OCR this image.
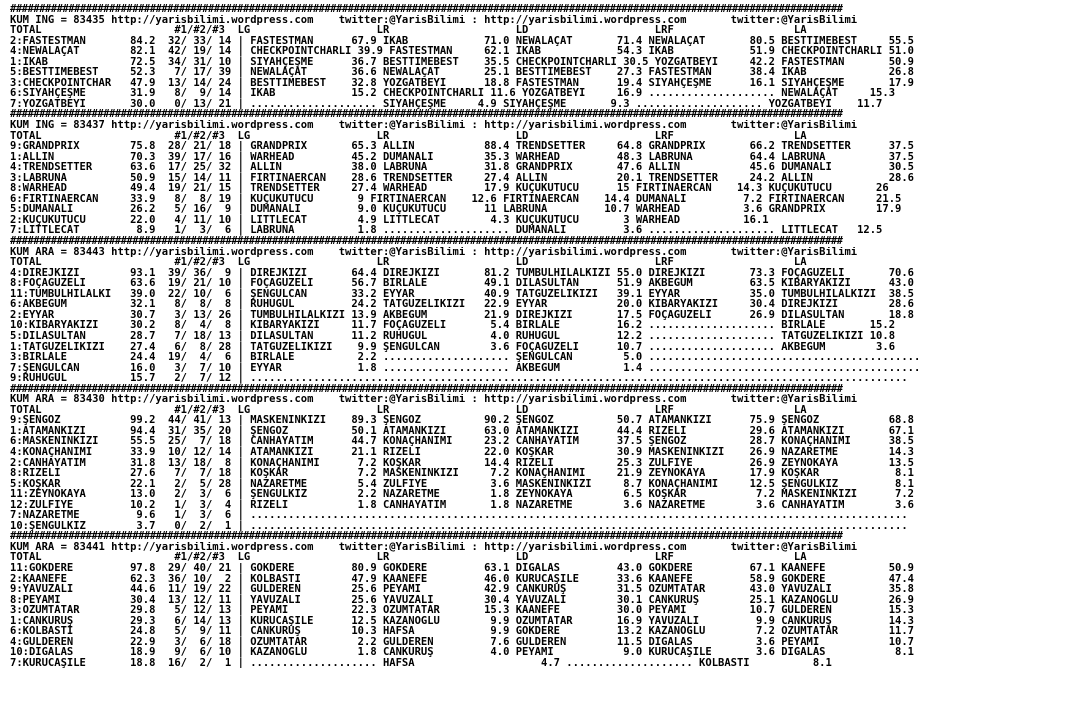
###############################################################################################################################################
KUM ING = 83435 http://yarisbilimi.wordpress.com    twitter:@YarisBilimi : http://yarisbilimi.wordpress.com       twitter:@YarisBilimi
TOTAL                     #1/#2/#3  LG                    LR                    LD                    LRF                   LA
2:FASTESTMAN       84.2  32/ 33/ 14 | FASTESTMAN      67.9 İKAB            71.0 NEWALAÇAT       71.4 NEWALAÇAT       80.5 BESTTIMEBEST     55.5
4:NEWALAÇAT        82.1  42/ 19/ 14 | CHECKPOINTCHARLI 39.9 FASTESTMAN     62.1 İKAB            54.3 İKAB            51.9 CHECKPOINTCHARLI 51.0
1:İKAB             72.5  34/ 31/ 10 | SİYAHÇEŞME      36.7 BESTTIMEBEST    35.5 CHECKPOINTCHARLI 30.5 YOZGATBEYİ     42.2 FASTESTMAN       50.9
5:BESTTIMEBEST     52.3   7/ 17/ 39 | NEWALAÇAT       36.6 NEWALAÇAT       25.1 BESTTIMEBEST    27.3 FASTESTMAN      38.4 İKAB             26.8
3:CHECKPOINTCHAR   47.9  13/ 14/ 24 | BESTTIMEBEST    32.8 YOZGATBEYİ      18.8 FASTESTMAN      19.4 SİYAHÇEŞME      16.1 SİYAHÇEŞME       17.9
6:SİYAHÇEŞME       31.9   8/  9/ 14 | İKAB            15.2 CHECKPOINTCHARLI 11.6 YOZGATBEYİ     16.9 .................... NEWALAÇAT     15.3
7:YOZGATBEYİ       30.0   0/ 13/ 21 | .................... SİYAHÇEŞME     4.9 SİYAHÇEŞME       9.3 .................... YOZGATBEYİ    11.7
###############################################################################################################################################
KUM ING = 83437 http://yarisbilimi.wordpress.com    twitter:@YarisBilimi : http://yarisbilimi.wordpress.com       twitter:@YarisBilimi
TOTAL                     #1/#2/#3  LG                    LR                    LD                    LRF                   LA
9:GRANDPRIX        75.8  28/ 21/ 18 | GRANDPRIX       65.3 ALLIN           88.4 TRENDSETTER     64.8 GRANDPRIX       66.2 TRENDSETTER      37.5
1:ALLIN            70.3  39/ 17/ 16 | WARHEAD         45.2 DUMANALİ        35.3 WARHEAD         48.3 LABRUNA         64.4 LABRUNA          37.5
4:TRENDSETTER      63.6  17/ 25/ 32 | ALLIN           38.0 LABRUNA         31.8 GRANDPRIX       47.6 ALLIN           45.6 DUMANALİ         30.5
3:LABRUNA          50.9  15/ 14/ 11 | FIRTINAERCAN    28.6 TRENDSETTER     27.4 ALLIN           20.1 TRENDSETTER     24.2 ALLIN            28.6
8:WARHEAD          49.4  19/ 21/ 15 | TRENDSETTER     27.4 WARHEAD         17.9 KÜÇÜKÜTÜCÜ      15 FIRTINAERCAN    14.3 KÜÇÜKÜTÜCÜ       26
6:FIRTINAERCAN     33.9   8/  8/ 19 | KÜÇÜKÜTÜCÜ       9 FIRTINAERCAN    12.6 FIRTINAERCAN    14.4 DUMANALİ         7.2 FIRTINAERCAN     21.5
5:DUMANALİ         26.2   5/ 16/  9 | DUMANALİ         9.0 KÜÇÜKÜTÜCÜ      11 LABRUNA         10.7 WARHEAD          3.6 GRANDPRIX        17.9
2:KÜÇÜKÜTÜCÜ       22.0   4/ 11/ 10 | LITTLECAT        4.9 LITTLECAT        4.3 KÜÇÜKÜTÜCÜ       3 WARHEAD          16.1
7:LITTLECAT         8.9   1/  3/  6 | LABRUNA          1.8 .................... DUMANALİ         3.6 .................... LITTLECAT   12.5
###############################################################################################################################################
KUM ARA = 83443 http://yarisbilimi.wordpress.com    twitter:@YarisBilimi : http://yarisbilimi.wordpress.com       twitter:@YarisBilimi
TOTAL                     #1/#2/#3  LG                    LR                    LD                    LRF                   LA
4:DIREJKIZI        93.1  39/ 36/  9 | DIREJKIZI       64.4 DIREJKIZI       81.2 TUMBULHILALKIZI 55.0 DIREJKIZI       73.3 FOÇAGÜZELİ       70.6
8:FOÇAGÜZELİ       63.6  19/ 21/ 10 | FOÇAGÜZELİ      56.7 BIRLALE         49.1 DILASULTAN      51.9 AKBEGÜM         63.5 KIBARYAKIZI      43.0
11:TUMBULHILALKI   39.0  22/ 10/  6 | ŞENGÜLCAN       33.2 EYYAR           40.9 TATGÜZELIKIZI   39.1 EYYAR           35.0 TUMBULHILALKIZI  38.5
6:AKBEGÜM          32.1   8/  8/  8 | RUHUGÜL         24.2 TATGÜZELIKIZI   22.9 EYYAR           20.0 KIBARYAKIZI     30.4 DIREJKIZI        28.6
2:EYYAR            30.7   3/ 13/ 26 | TUMBULHILALKIZI 13.9 AKBEGÜM         21.9 DIREJKIZI       17.5 FOÇAGÜZELİ      26.9 DILASULTAN       18.8
10:KIBARYAKIZI     30.2   8/  4/  8 | KIBARYAKIZI     11.7 FOÇAGÜZELİ       5.4 BIRLALE         16.2 .................... BIRLALE       15.2
5:DILASULTAN       28.7   7/ 18/ 13 | DILASULTAN      11.2 RUHUGÜL          4.0 RUHUGÜL         12.2 .................... TATGÜZELIKIZI 10.8
1:TATGÜZELIKIZI    27.4   6/  8/ 28 | TATGÜZELIKIZI    9.9 ŞENGÜLCAN        3.6 FOÇAGÜZELİ      10.7 .................... AKBEGÜM        3.6
3:BIRLALE          24.4  19/  4/  6 | BIRLALE          2.2 .................... ŞENGÜLCAN        5.0 ...........................................
7:ŞENGÜLCAN        16.0   3/  7/ 10 | EYYAR            1.8 .................... AKBEGÜM          1.4 ...........................................
9:RUHUGÜL          15.7   2/  7/ 12 | ........................................................................................................
###############################################################################################################################################
KUM ARA = 83430 http://yarisbilimi.wordpress.com    twitter:@YarisBilimi : http://yarisbilimi.wordpress.com       twitter:@YarisBilimi
TOTAL                     #1/#2/#3  LG                    LR                    LD                    LRF                   LA
9:ŞENGÖZ           99.2  44/ 41/ 13 | MASKENINKIZI    89.3 ŞENGÖZ          90.2 ŞENGÖZ          50.7 ATAMANKIZI      75.9 ŞENGÖZ           68.8
1:ATAMANKIZI       94.4  31/ 35/ 20 | ŞENGÖZ          50.1 ATAMANKIZI      63.0 ATAMANKIZI      44.4 RİZELİ          29.6 ATAMANKIZI       67.1
6:MASKENINKIZI     55.5  25/  7/ 18 | CANHAYATIM      44.7 KONAÇHANIMI     23.2 CANHAYATIM      37.5 ŞENGÖZ          28.7 KONAÇHANIMI      38.5
4:KONAÇHANIMI      33.9  10/ 12/ 14 | ATAMANKIZI      21.1 RİZELİ          22.0 KOŞKAR          30.9 MASKENINKIZI    26.9 NAZARETME        14.3
2:CANHAYATIM       31.8  13/ 18/  8 | KONAÇHANIMI      7.2 KOŞKAR          14.4 RİZELİ          25.3 ZÜLFİYE         26.9 ZEYNOKAYA        13.5
8:RİZELİ           27.6   7/  7/ 18 | KOŞKAR           7.2 MASKENINKIZI     7.2 KONAÇHANIMI     21.9 ZEYNOKAYA       17.9 KOŞKAR            8.1
5:KOŞKAR           22.1   2/  5/ 28 | NAZARETME        5.4 ZÜLFİYE          3.6 MASKENINKIZI     8.7 KONAÇHANIMI     12.5 ŞENGÜLKIZ         8.1
11:ZEYNOKAYA       13.0   2/  3/  6 | ŞENGÜLKIZ        2.2 NAZARETME        1.8 ZEYNOKAYA        6.5 KOŞKAR           7.2 MASKENINKIZI      7.2
12:ZÜLFİYE         10.2   1/  3/  4 | RİZELİ           1.8 CANHAYATIM       1.8 NAZARETME        3.6 NAZARETME        3.6 CANHAYATIM        3.6
7:NAZARETME         9.6   1/  3/  6 | ........................................................................................................
10:ŞENGÜLKIZ        3.7   0/  2/  1 | ........................................................................................................
###############################################################################################################################################
KUM ARA = 83441 http://yarisbilimi.wordpress.com    twitter:@YarisBilimi : http://yarisbilimi.wordpress.com       twitter:@YarisBilimi
TOTAL                     #1/#2/#3  LG                    LR                    LD                    LRF                   LA
11:GÖKDERE         97.8  29/ 40/ 21 | GÖKDERE         80.9 GÖKDERE         63.1 DIGALAS         43.0 GÖKDERE         67.1 KAANEFE          50.9
2:KAANEFE          62.3  36/ 10/  2 | KOLBASTI        47.9 KAANEFE         46.0 KURUCAŞİLE      33.6 KAANEFE         58.9 GÖKDERE          47.4
9:YAVUZALİ         44.6  11/ 19/ 22 | GÜLDEREN        25.6 PEYAMİ          42.9 CANKURUŞ        31.5 ÖZÜMTATAR       43.0 YAVUZALİ         35.8
8:PEYAMİ           30.4  13/ 12/ 11 | YAVUZALİ        25.6 YAVUZALİ        30.4 YAVUZALİ        30.1 CANKURUŞ        25.1 KAZANOĞLU        26.9
3:ÖZÜMTATAR        29.8   5/ 12/ 13 | PEYAMİ          22.3 ÖZÜMTATAR       15.3 KAANEFE         30.0 PEYAMİ          10.7 GÜLDEREN         15.3
1:CANKURUŞ         29.3   6/ 14/ 13 | KURUCAŞİLE      12.5 KAZANOĞLU        9.9 ÖZÜMTATAR       16.9 YAVUZALİ         9.9 CANKURUŞ         14.3
6:KOLBASTI         24.8   5/  9/ 11 | CANKURUŞ        10.3 HAFSA            9.9 GÖKDERE         13.2 KAZANOĞLU        7.2 ÖZÜMTATAR        11.7
4:GÜLDEREN         22.9   3/  6/ 18 | ÖZÜMTATAR        2.2 GÜLDEREN         7.6 GÜLDEREN        11.5 DIGALAS          3.6 PEYAMİ           10.7
10:DIGALAS         18.9   9/  6/ 10 | KAZANOĞLU        1.8 CANKURUŞ         4.0 PEYAMİ           9.0 KURUCAŞİLE       3.6 DIGALAS           8.1
7:KURUCAŞİLE       18.8  16/  2/  1 | .................... HAFSA                    4.7 .................... KOLBASTI          8.1
